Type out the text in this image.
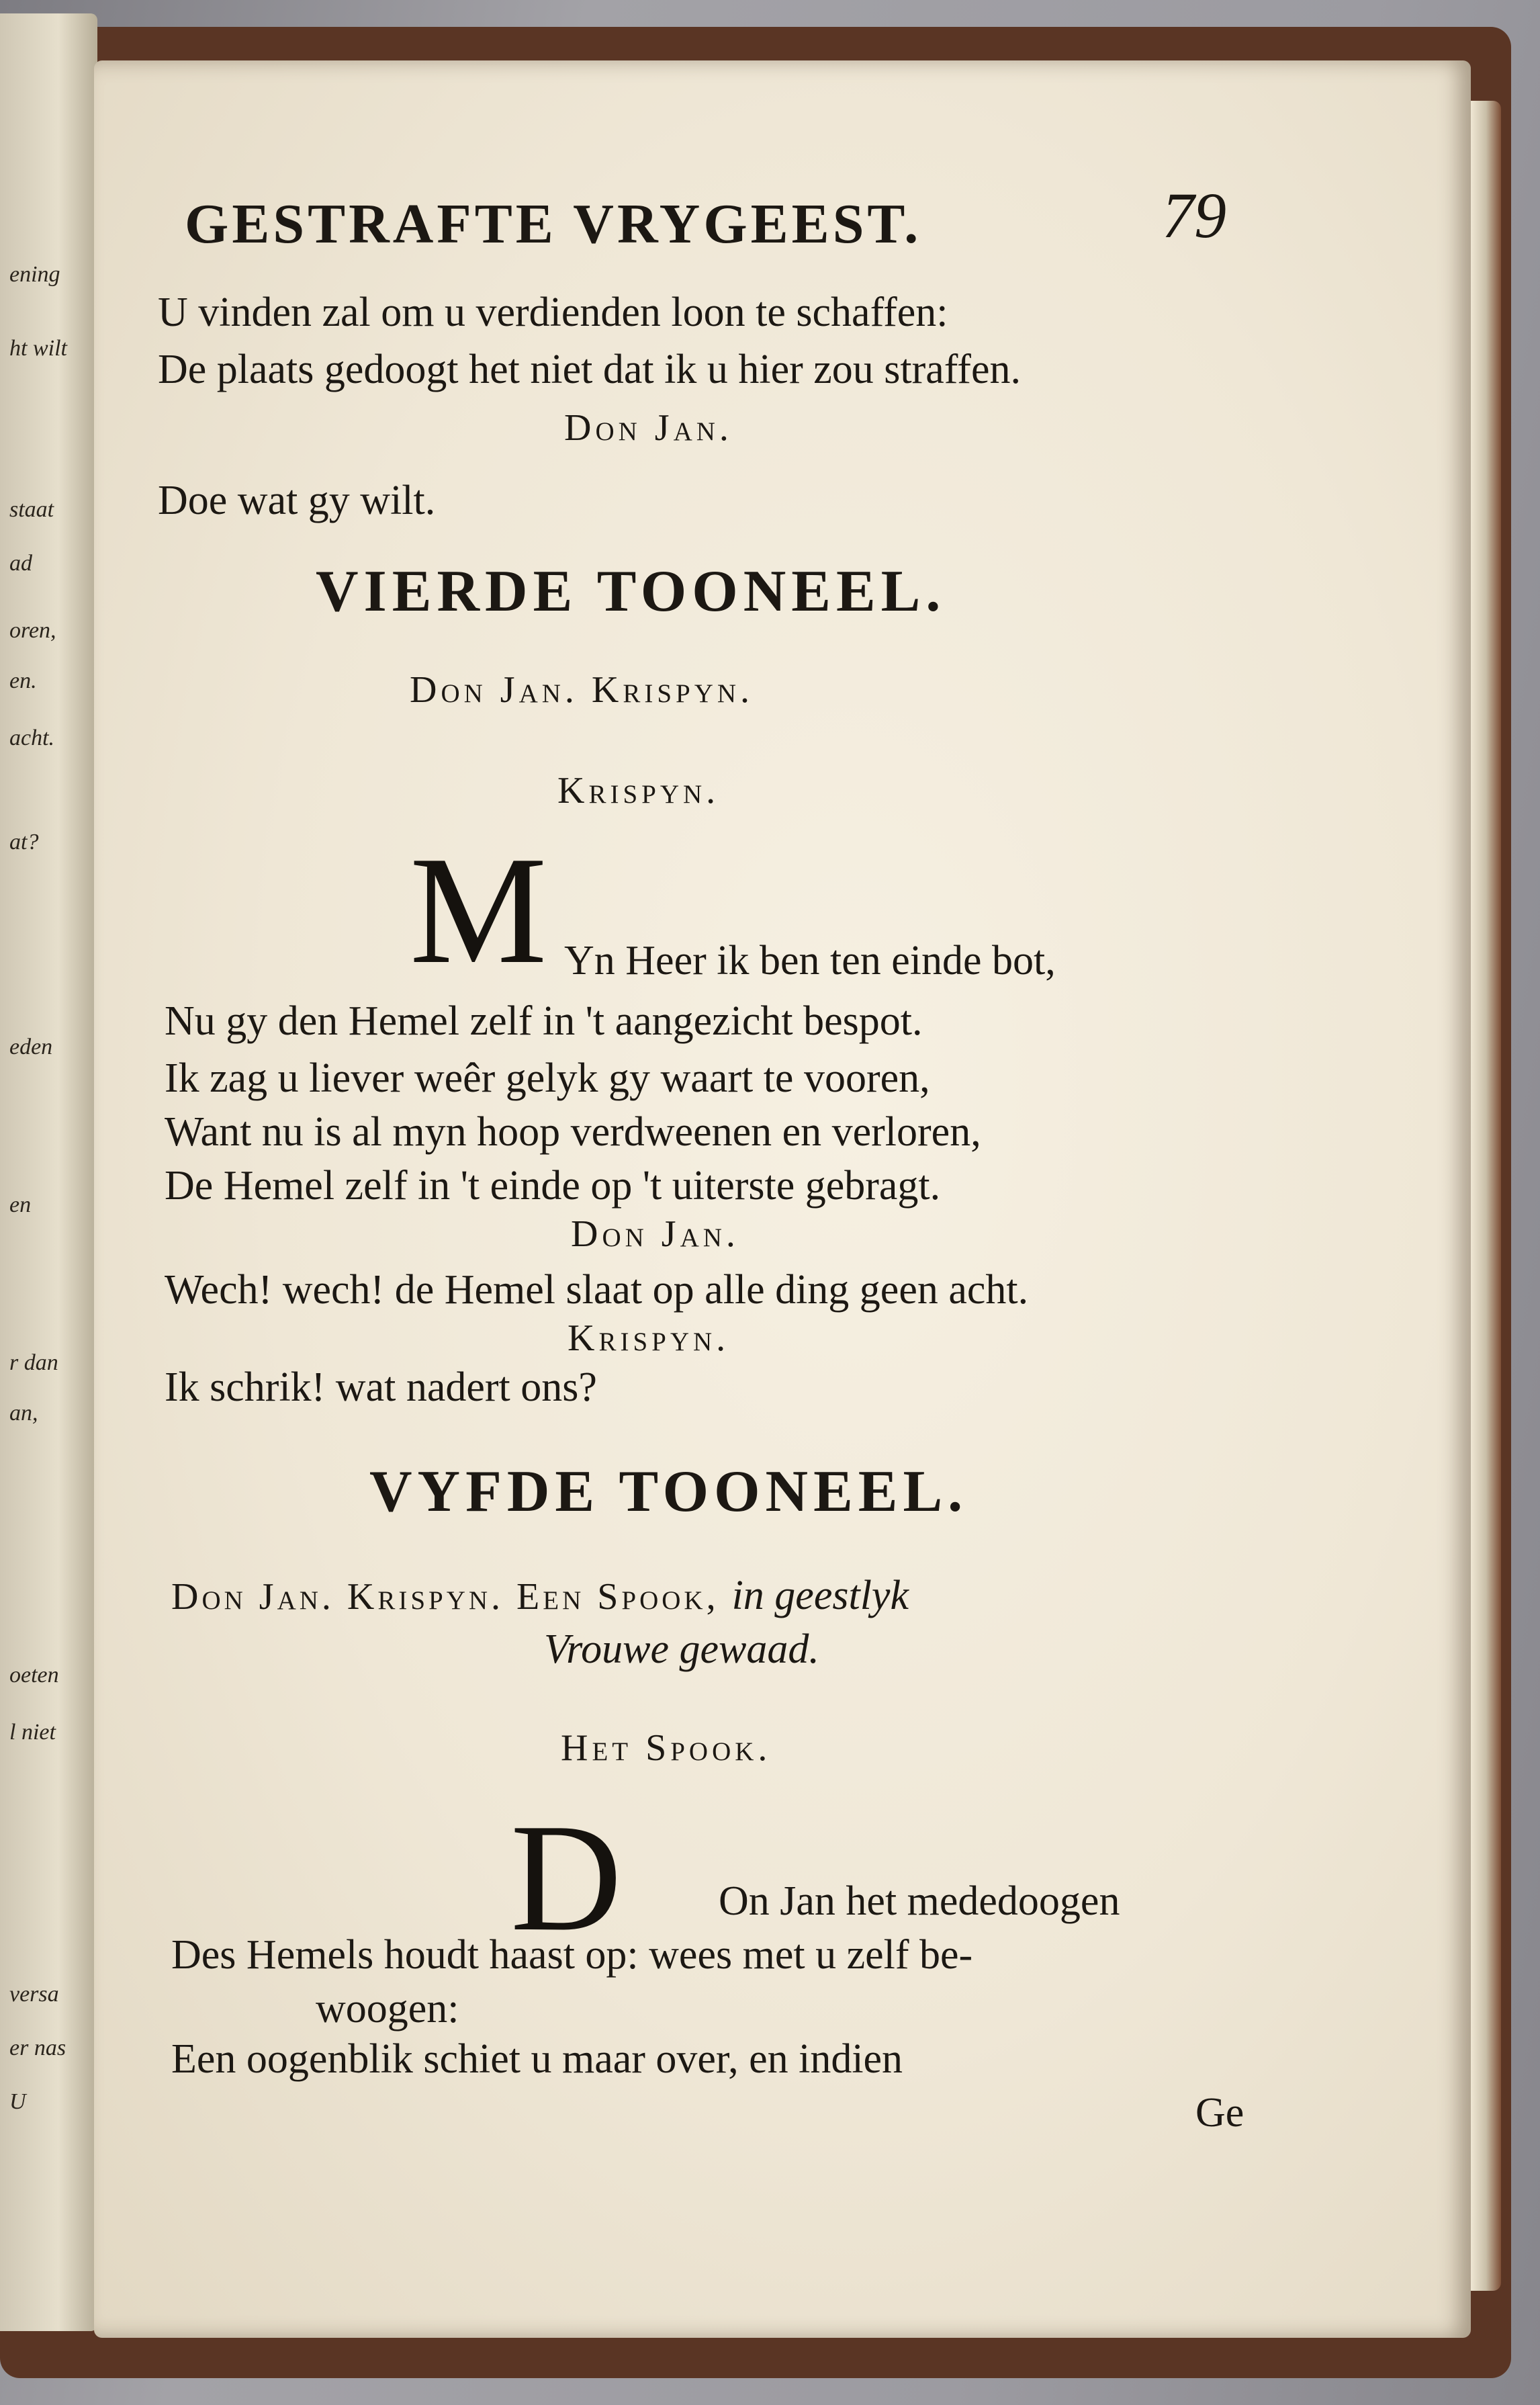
ening
ht wilt
staat
ad
oren,
en.
acht.
at?
eden
en
r dan
an,
oeten
l niet
versa
er nas
U
GESTRAFTE VRYGEEST.	79
U vinden zal om u verdienden loon te schaffen:
De plaats gedoogt het niet dat ik u hier zou straffen.
Don Jan.
Doe wat gy wilt.
VIERDE TOONEEL.
Don Jan. Krispyn.
Krispyn.
M Yn Heer ik ben ten einde bot,
Nu gy den Hemel zelf in 't aangezicht bespot.
Ik zag u liever weêr gelyk gy waart te vooren,
Want nu is al myn hoop verdweenen en verloren,
De Hemel zelf in 't einde op 't uiterste gebragt.
Don Jan.
Wech! wech! de Hemel slaat op alle ding geen acht.
Krispyn.
Ik schrik! wat nadert ons?
VYFDE TOONEEL.
Don Jan. Krispyn. Een Spook, in geestlyk
Vrouwe gewaad.
Het Spook.
D On Jan het mededoogen
Des Hemels houdt haast op: wees met u zelf be-
woogen:
Een oogenblik schiet u maar over, en indien
Ge
